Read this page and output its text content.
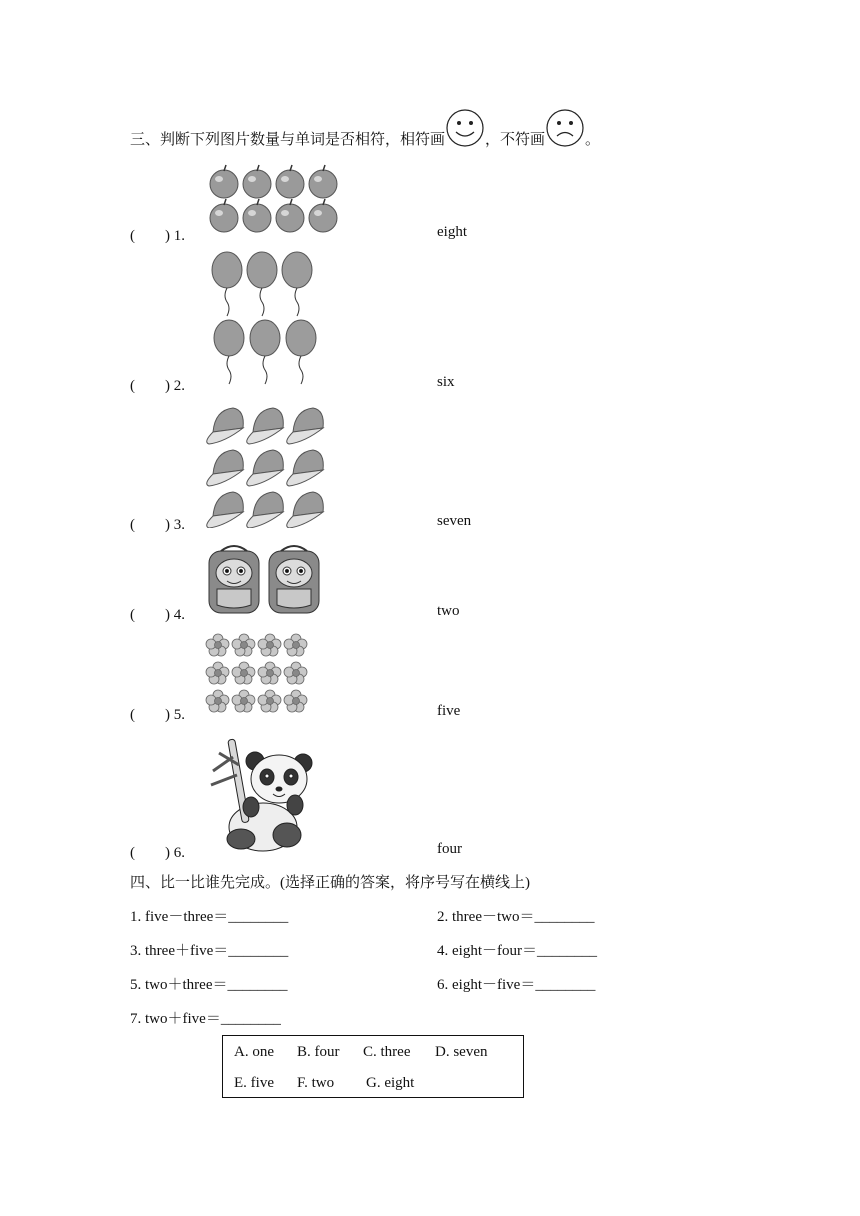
三、判断下列图片数量与单词是否相符，相符画	，不符画	。
(　　) 1.	eight
(　　) 2.	six
(　　) 3.	seven
(　　) 4.	two
(　　) 5.	five
(　　) 6.	four
四、比一比谁先完成。(选择正确的答案，将序号写在横线上)
1. five－three＝________	2. three－two＝________
3. three＋five＝________	4. eight－four＝________
5. two＋three＝________	6. eight－five＝________
7. two＋five＝________
A. one B. four C. three D. seven
E. five F. two G. eight
